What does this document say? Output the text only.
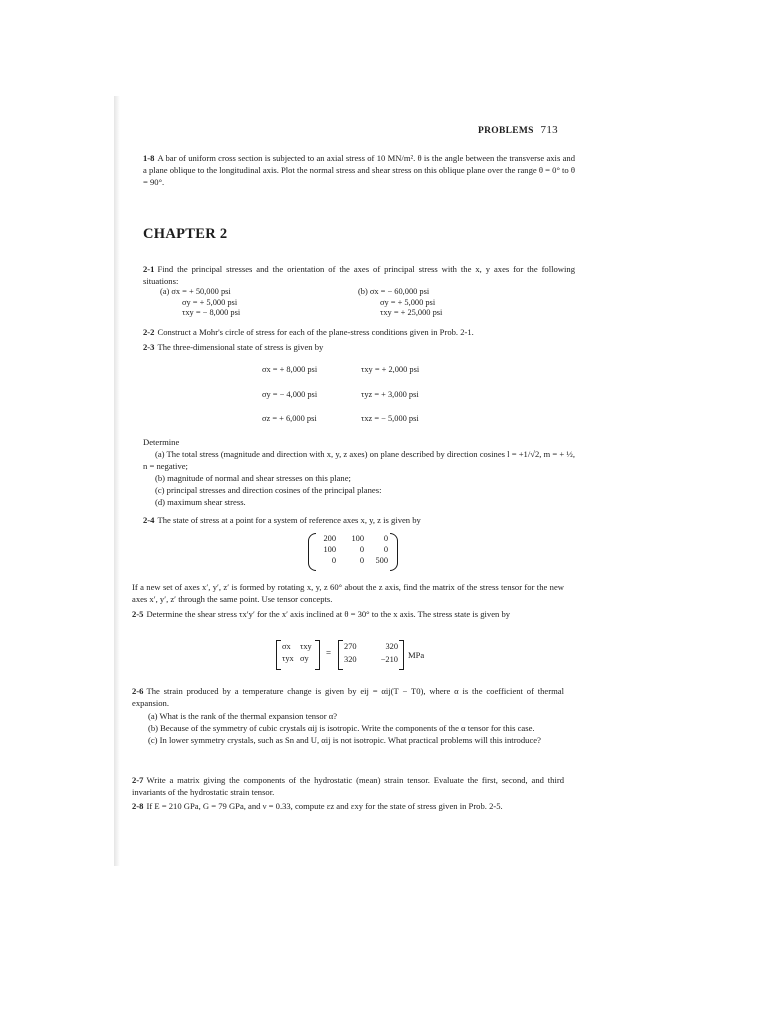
PROBLEMS 713
1-8 A bar of uniform cross section is subjected to an axial stress of 10 MN/m². θ is the angle between the transverse axis and a plane oblique to the longitudinal axis. Plot the normal stress and shear stress on this oblique plane over the range θ = 0° to θ = 90°.
CHAPTER 2
2-1 Find the principal stresses and the orientation of the axes of principal stress with the x, y axes for the following situations:
(a) σx = + 50,000 psi
σy = + 5,000 psi
τxy = − 8,000 psi
(b) σx = − 60,000 psi
σy = + 5,000 psi
τxy = + 25,000 psi
2-2 Construct a Mohr's circle of stress for each of the plane-stress conditions given in Prob. 2-1.
2-3 The three-dimensional state of stress is given by
σx = + 8,000 psi	τxy = + 2,000 psi
σy = − 4,000 psi	τyz = + 3,000 psi
σz = + 6,000 psi	τxz = − 5,000 psi
Determine
(a) The total stress (magnitude and direction with x, y, z axes) on plane described by direction cosines l = +1/√2, m = + ½, n = negative;
(b) magnitude of normal and shear stresses on this plane;
(c) principal stresses and direction cosines of the principal planes:
(d) maximum shear stress.
2-4 The state of stress at a point for a system of reference axes x, y, z is given by
200	100	0
100	0	0
0	0	500
If a new set of axes x′, y′, z′ is formed by rotating x, y, z 60° about the z axis, find the matrix of the stress tensor for the new axes x′, y′, z′ through the same point. Use tensor concepts.
2-5 Determine the shear stress τx′y′ for the x′ axis inclined at θ = 30° to the x axis. The stress state is given by
σx	τxy
τyx σy
=
270	320
320	−210 MPa
2-6 The strain produced by a temperature change is given by eij = αij(T − T0), where α is the coefficient of thermal expansion.
(a) What is the rank of the thermal expansion tensor α?
(b) Because of the symmetry of cubic crystals αij is isotropic. Write the components of the α tensor for this case.
(c) In lower symmetry crystals, such as Sn and U, αij is not isotropic. What practical problems will this introduce?
2-7 Write a matrix giving the components of the hydrostatic (mean) strain tensor. Evaluate the first, second, and third invariants of the hydrostatic strain tensor.
2-8 If E = 210 GPa, G = 79 GPa, and ν = 0.33, compute εz and εxy for the state of stress given in Prob. 2-5.
